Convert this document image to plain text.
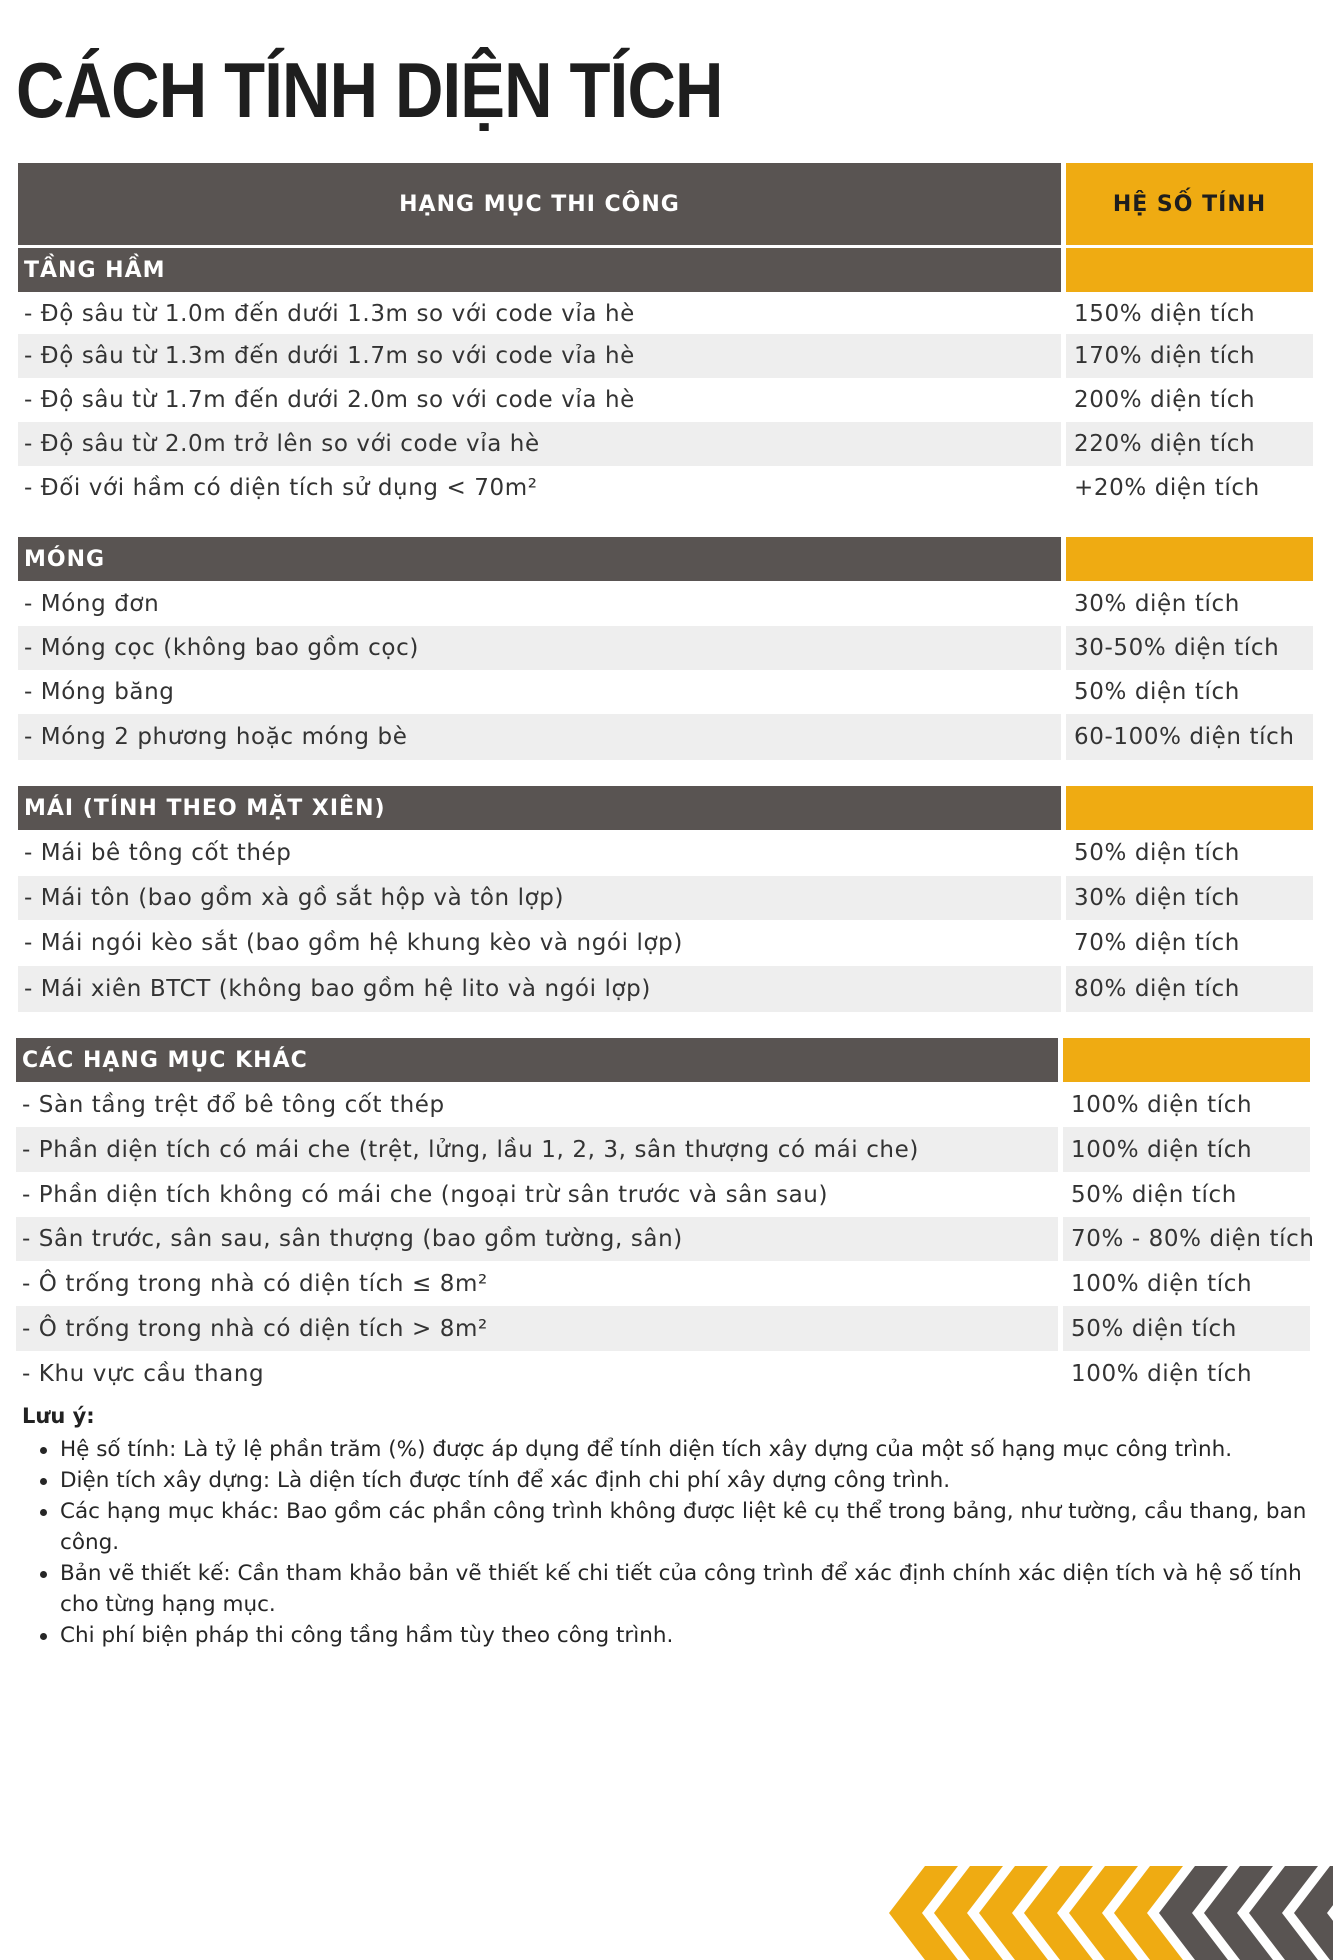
CÁCH TÍNH DIỆN TÍCH
HẠNG MỤC THI CÔNG	HỆ SỐ TÍNH
TẦNG HẦM
- Độ sâu từ 1.0m đến dưới 1.3m so với code vỉa hè	150% diện tích
- Độ sâu từ 1.3m đến dưới 1.7m so với code vỉa hè	170% diện tích
- Độ sâu từ 1.7m đến dưới 2.0m so với code vỉa hè	200% diện tích
- Độ sâu từ 2.0m trở lên so với code vỉa hè	220% diện tích
- Đối với hầm có diện tích sử dụng < 70m²	+20% diện tích
MÓNG
- Móng đơn	30% diện tích
- Móng cọc (không bao gồm cọc)	30-50% diện tích
- Móng băng	50% diện tích
- Móng 2 phương hoặc móng bè	60-100% diện tích
MÁI (TÍNH THEO MẶT XIÊN)
- Mái bê tông cốt thép	50% diện tích
- Mái tôn (bao gồm xà gồ sắt hộp và tôn lợp)	30% diện tích
- Mái ngói kèo sắt (bao gồm hệ khung kèo và ngói lợp)	70% diện tích
- Mái xiên BTCT (không bao gồm hệ lito và ngói lợp)	80% diện tích
CÁC HẠNG MỤC KHÁC
- Sàn tầng trệt đổ bê tông cốt thép	100% diện tích
- Phần diện tích có mái che (trệt, lửng, lầu 1, 2, 3, sân thượng có mái che)	100% diện tích
- Phần diện tích không có mái che (ngoại trừ sân trước và sân sau)	50% diện tích
- Sân trước, sân sau, sân thượng (bao gồm tường, sân)	70% - 80% diện tích
- Ô trống trong nhà có diện tích ≤ 8m²	100% diện tích
- Ô trống trong nhà có diện tích > 8m²	50% diện tích
- Khu vực cầu thang	100% diện tích
Lưu ý:
Hệ số tính: Là tỷ lệ phần trăm (%) được áp dụng để tính diện tích xây dựng của một số hạng mục công trình.
Diện tích xây dựng: Là diện tích được tính để xác định chi phí xây dựng công trình.
Các hạng mục khác: Bao gồm các phần công trình không được liệt kê cụ thể trong bảng, như tường, cầu thang, ban công.
Bản vẽ thiết kế: Cần tham khảo bản vẽ thiết kế chi tiết của công trình để xác định chính xác diện tích và hệ số tính cho từng hạng mục.
Chi phí biện pháp thi công tầng hầm tùy theo công trình.
